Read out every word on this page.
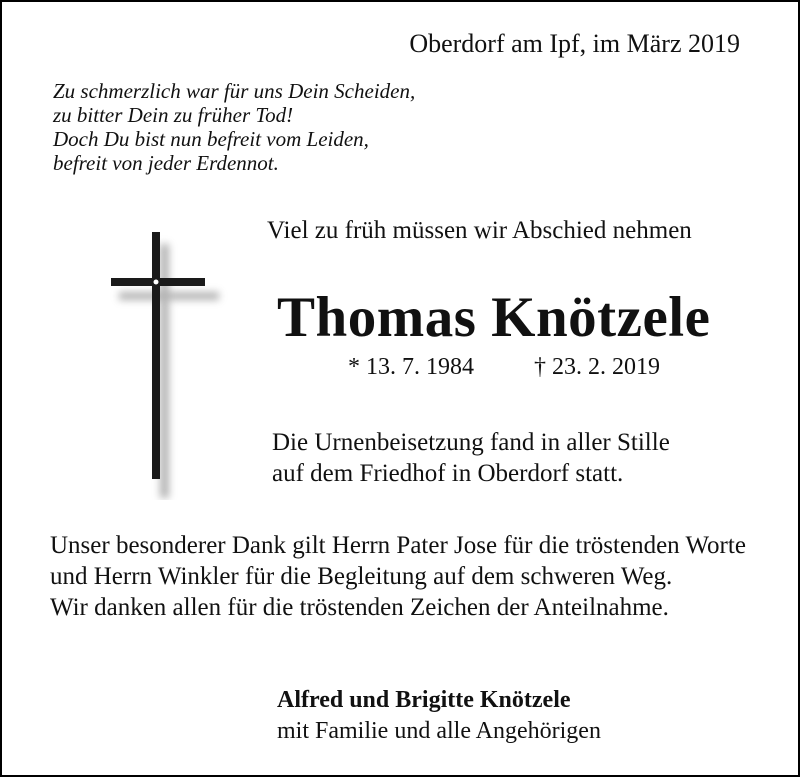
Oberdorf am Ipf, im März 2019
Zu schmerzlich war für uns Dein Scheiden,
zu bitter Dein zu früher Tod!
Doch Du bist nun befreit vom Leiden,
befreit von jeder Erdennot.
Viel zu früh müssen wir Abschied nehmen
Thomas Knötzele
* 13. 7. 1984	† 23. 2. 2019
Die Urnenbeisetzung fand in aller Stille
auf dem Friedhof in Oberdorf statt.

Unser besonderer Dank gilt Herrn Pater Jose für die tröstenden Worte und Herrn Winkler für die Begleitung auf dem schweren Weg.

Wir danken allen für die tröstenden Zeichen der Anteilnahme.

Alfred und Brigitte Knötzele
mit Familie und alle Angehörigen
